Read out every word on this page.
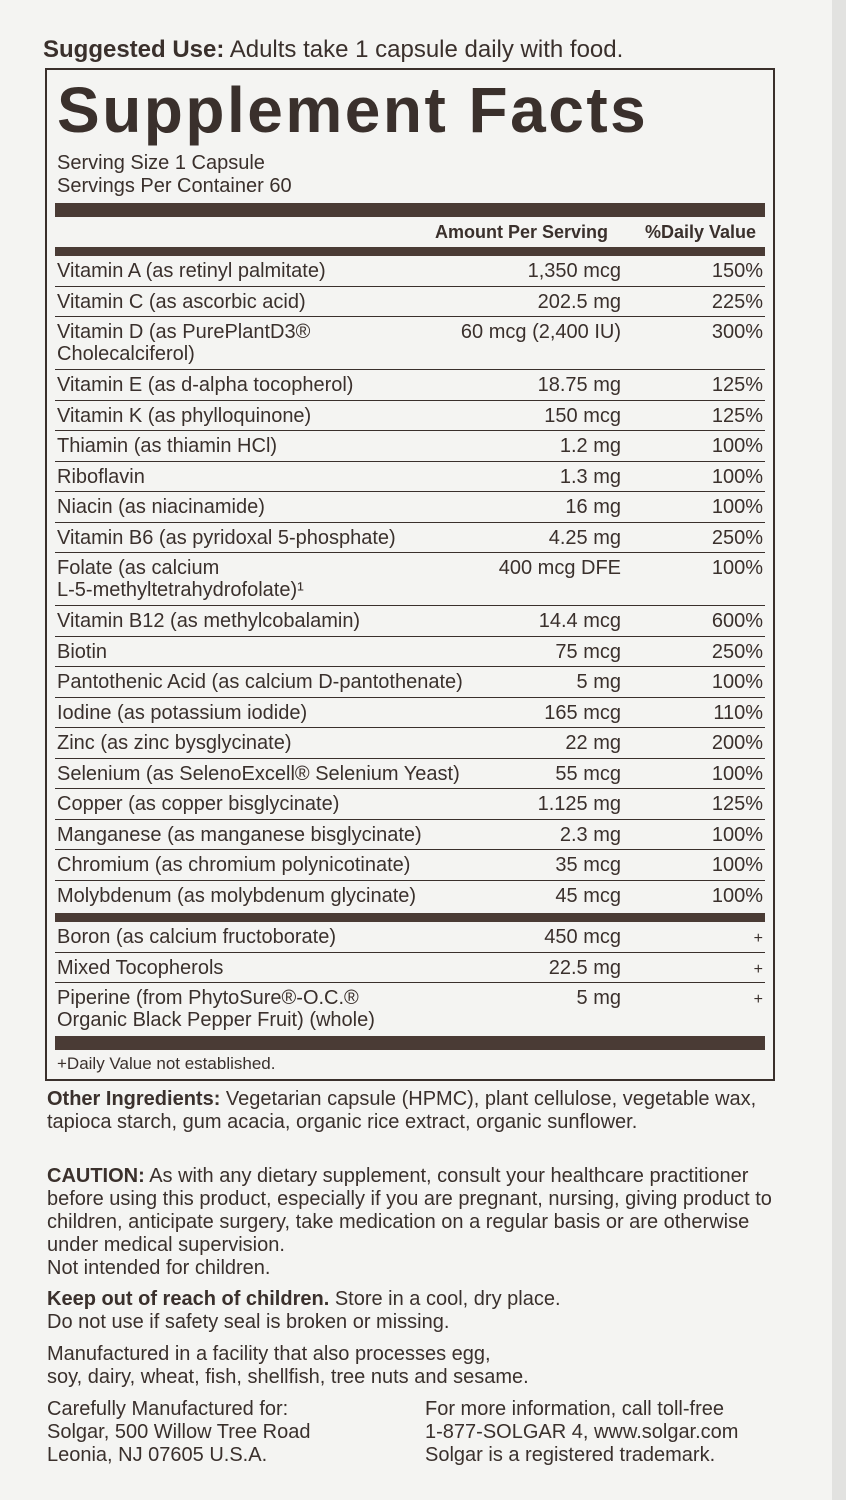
Suggested Use: Adults take 1 capsule daily with food.
Supplement Facts
Serving Size 1 Capsule
Servings Per Container 60
Amount Per Serving %Daily Value
Vitamin A (as retinyl palmitate)	1,350 mcg	150%
Vitamin C (as ascorbic acid)	202.5 mg	225%
Vitamin D (as PurePlantD3®
Cholecalciferol)
60 mcg (2,400 IU)	300%
Vitamin E (as d-alpha tocopherol)	18.75 mg	125%
Vitamin K (as phylloquinone)	150 mcg	125%
Thiamin (as thiamin HCl)	1.2 mg	100%
Riboflavin	1.3 mg	100%
Niacin (as niacinamide)	16 mg	100%
Vitamin B6 (as pyridoxal 5-phosphate)	4.25 mg	250%
Folate (as calcium
L-5-methyltetrahydrofolate)¹
400 mcg DFE	100%
Vitamin B12 (as methylcobalamin)	14.4 mcg	600%
Biotin	75 mcg	250%
Pantothenic Acid (as calcium D-pantothenate)	5 mg	100%
Iodine (as potassium iodide)	165 mcg	110%
Zinc (as zinc bysglycinate)	22 mg	200%
Selenium (as SelenoExcell® Selenium Yeast)	55 mcg	100%
Copper (as copper bisglycinate)	1.125 mg	125%
Manganese (as manganese bisglycinate)	2.3 mg	100%
Chromium (as chromium polynicotinate)	35 mcg	100%
Molybdenum (as molybdenum glycinate)	45 mcg	100%
Boron (as calcium fructoborate)	450 mcg	+
Mixed Tocopherols	22.5 mg	+
Piperine (from PhytoSure®-O.C.®
Organic Black Pepper Fruit) (whole)
5 mg	+
+Daily Value not established.
Other Ingredients: Vegetarian capsule (HPMC), plant cellulose, vegetable wax, tapioca starch, gum acacia, organic rice extract, organic sunflower.
CAUTION: As with any dietary supplement, consult your healthcare practitioner before using this product, especially if you are pregnant, nursing, giving product to children, anticipate surgery, take medication on a regular basis or are otherwise under medical supervision.
Not intended for children.
Keep out of reach of children. Store in a cool, dry place.
Do not use if safety seal is broken or missing.
Manufactured in a facility that also processes egg,
soy, dairy, wheat, fish, shellfish, tree nuts and sesame.
Carefully Manufactured for:
Solgar, 500 Willow Tree Road
Leonia, NJ 07605 U.S.A.
For more information, call toll-free
1-877-SOLGAR 4, www.solgar.com
Solgar is a registered trademark.
